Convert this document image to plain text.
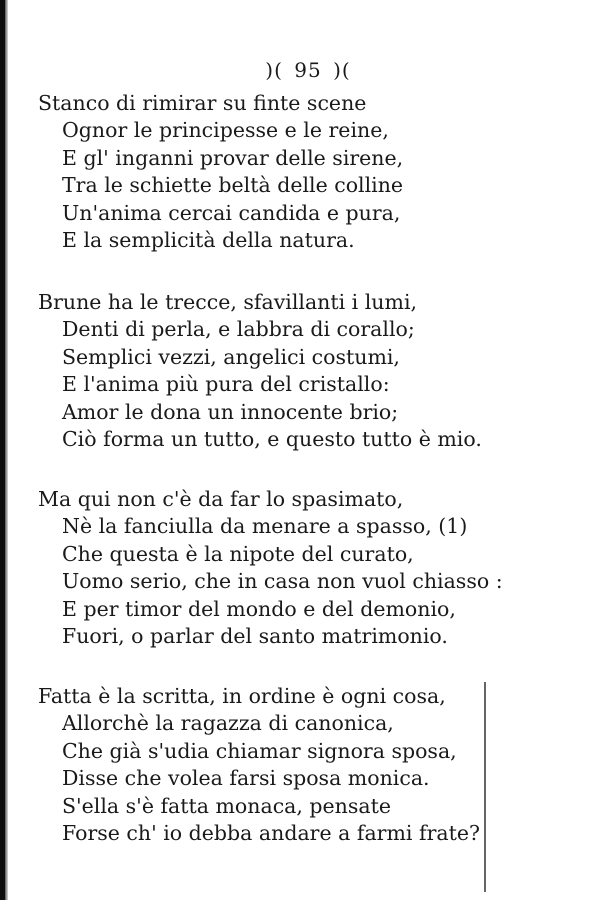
)( 95 )(
Stanco di rimirar su finte scene
Ognor le principesse e le reine,
E gl' inganni provar delle sirene,
Tra le schiette beltà delle colline
Un'anima cercai candida e pura,
E la semplicità della natura.
Brune ha le trecce, sfavillanti i lumi,
Denti di perla, e labbra di corallo;
Semplici vezzi, angelici costumi,
E l'anima più pura del cristallo:
Amor le dona un innocente brio;
Ciò forma un tutto, e questo tutto è mio.
Ma qui non c'è da far lo spasimato,
Nè la fanciulla da menare a spasso, (1)
Che questa è la nipote del curato,
Uomo serio, che in casa non vuol chiasso :
E per timor del mondo e del demonio,
Fuori, o parlar del santo matrimonio.
Fatta è la scritta, in ordine è ogni cosa,
Allorchè la ragazza di canonica,
Che già s'udia chiamar signora sposa,
Disse che volea farsi sposa monica.
S'ella s'è fatta monaca, pensate
Forse ch' io debba andare a farmi frate?
